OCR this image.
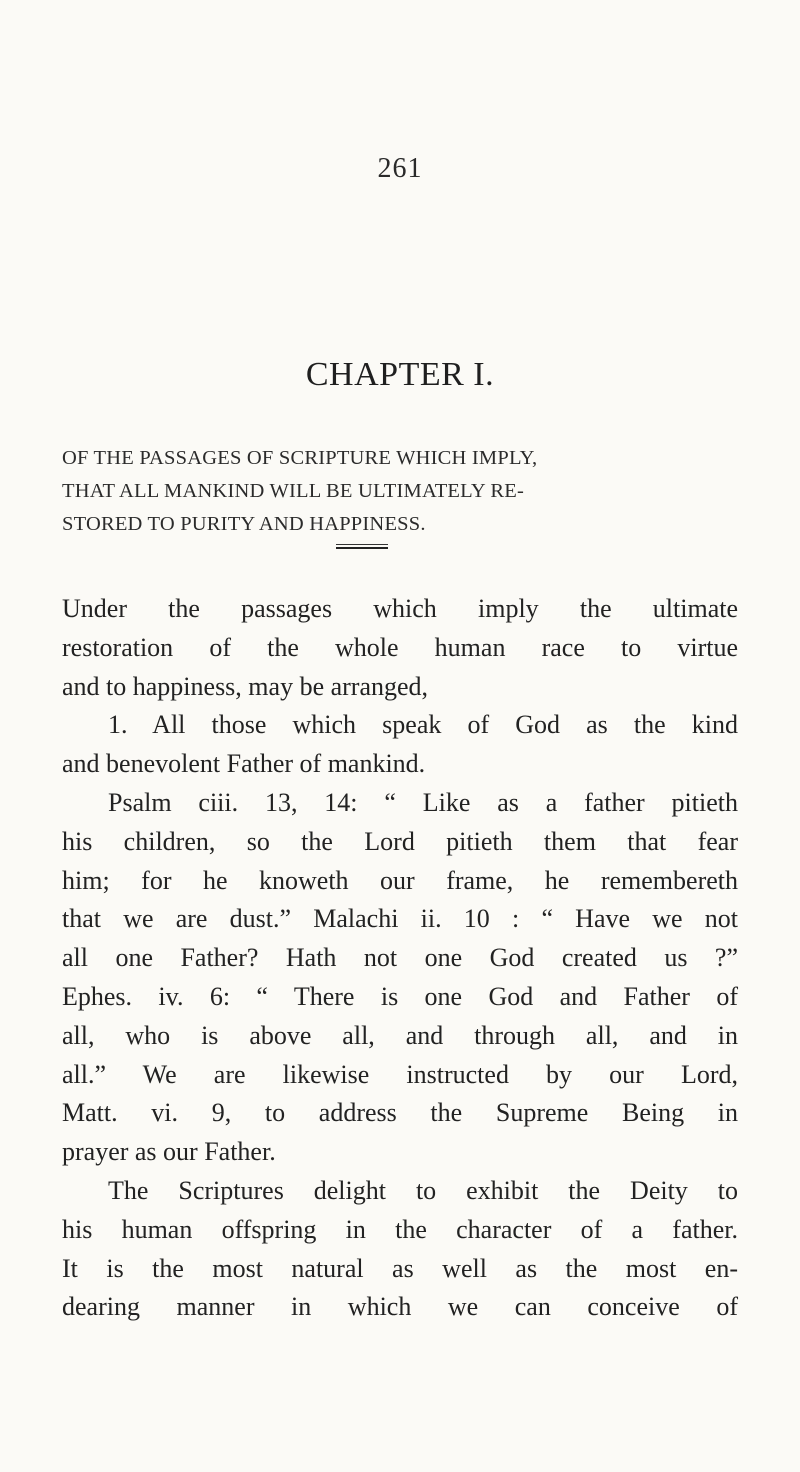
261
CHAPTER I.

OF THE PASSAGES OF SCRIPTURE WHICH IMPLY,
THAT ALL MANKIND WILL BE ULTIMATELY RE-
STORED TO PURITY AND HAPPINESS.

Under the passages which imply the ultimate
restoration of the whole human race to virtue
and to happiness, may be arranged,
1. All those which speak of God as the kind
and benevolent Father of mankind.
Psalm ciii. 13, 14: “ Like as a father pitieth
his children, so the Lord pitieth them that fear
him; for he knoweth our frame, he remembereth
that we are dust.” Malachi ii. 10 : “ Have we not
all one Father? Hath not one God created us ?”
Ephes. iv. 6: “ There is one God and Father of
all, who is above all, and through all, and in
all.” We are likewise instructed by our Lord,
Matt. vi. 9, to address the Supreme Being in
prayer as our Father.
The Scriptures delight to exhibit the Deity to
his human offspring in the character of a father.
It is the most natural as well as the most en-
dearing manner in which we can conceive of
